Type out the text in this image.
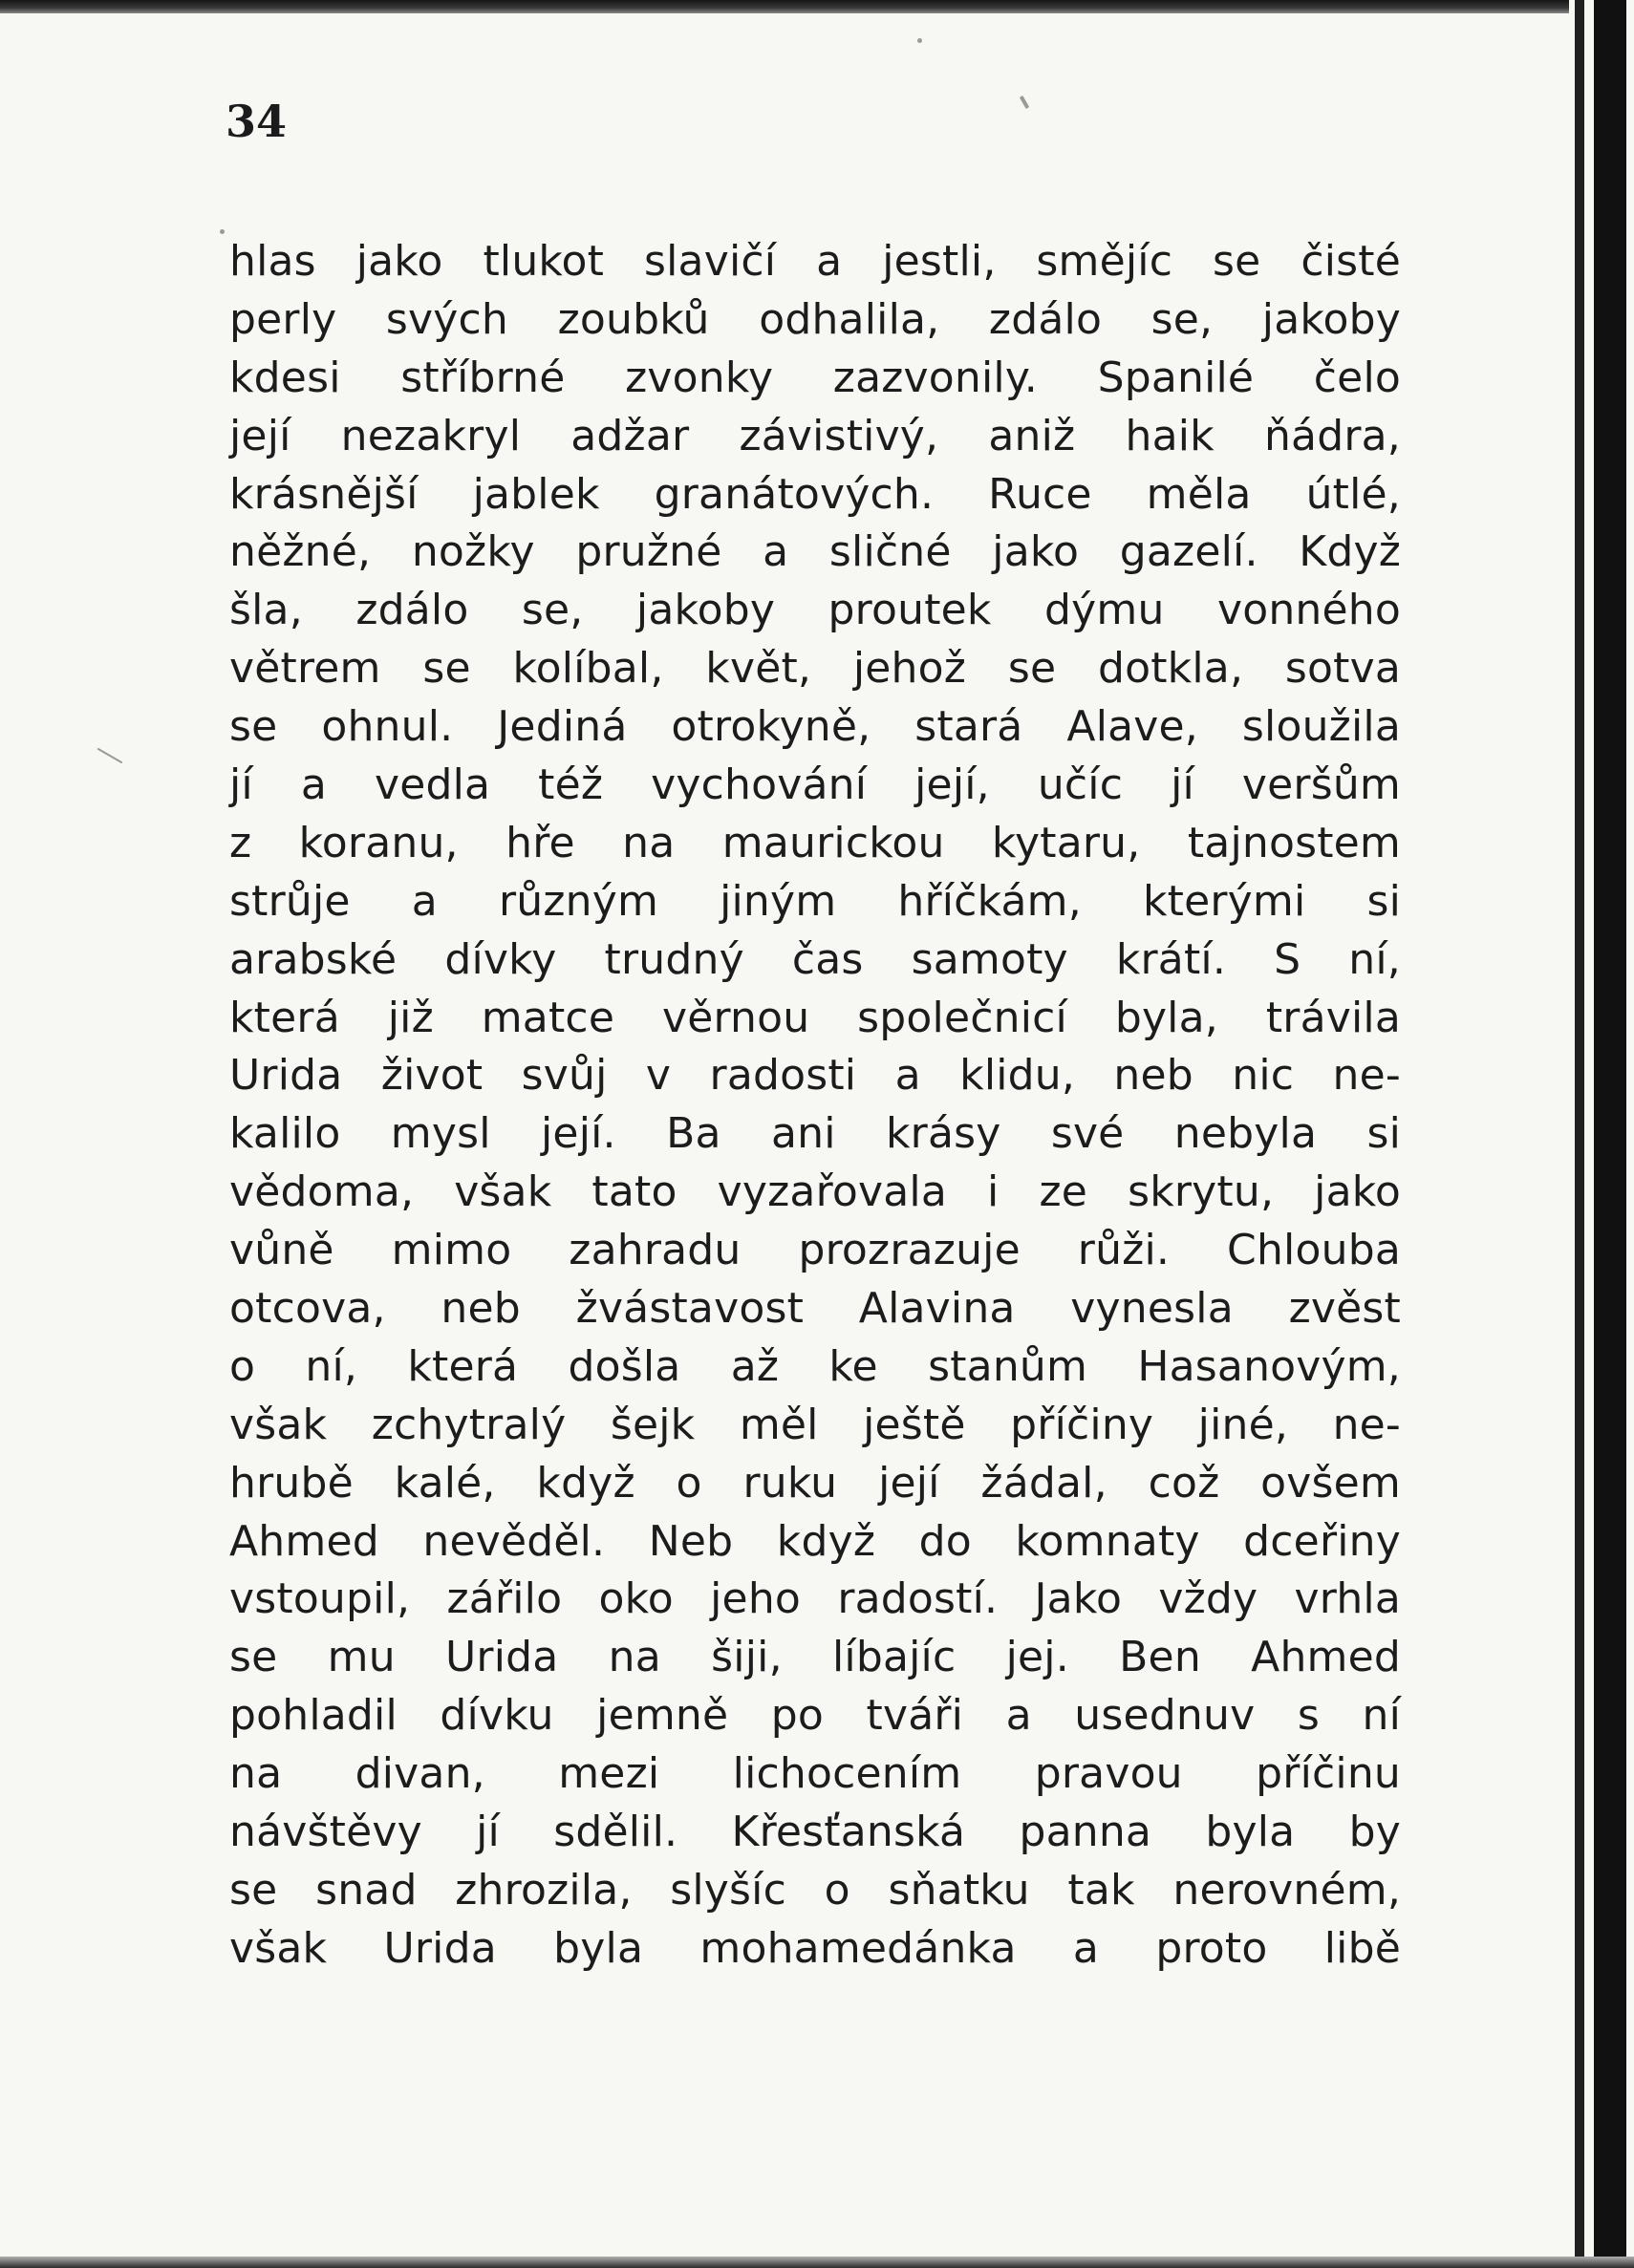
34
hlas jako tlukot slavičí a jestli, smějíc se čisté
perly svých zoubků odhalila, zdálo se, jakoby
kdesi stříbrné zvonky zazvonily. Spanilé čelo
její nezakryl adžar závistivý, aniž haik ňádra,
krásnější jablek granátových. Ruce měla útlé,
něžné, nožky pružné a sličné jako gazelí. Když
šla, zdálo se, jakoby proutek dýmu vonného
větrem se kolíbal, květ, jehož se dotkla, sotva
se ohnul. Jediná otrokyně, stará Alave, sloužila
jí a vedla též vychování její, učíc jí veršům
z koranu, hře na maurickou kytaru, tajnostem
strůje a různým jiným hříčkám, kterými si
arabské dívky trudný čas samoty krátí. S ní,
která již matce věrnou společnicí byla, trávila
Urida život svůj v radosti a klidu, neb nic ne-
kalilo mysl její. Ba ani krásy své nebyla si
vědoma, však tato vyzařovala i ze skrytu, jako
vůně mimo zahradu prozrazuje růži. Chlouba
otcova, neb žvástavost Alavina vynesla zvěst
o ní, která došla až ke stanům Hasanovým,
však zchytralý šejk měl ještě příčiny jiné, ne-
hrubě kalé, když o ruku její žádal, což ovšem
Ahmed nevěděl. Neb když do komnaty dceřiny
vstoupil, zářilo oko jeho radostí. Jako vždy vrhla
se mu Urida na šiji, líbajíc jej. Ben Ahmed
pohladil dívku jemně po tváři a usednuv s ní
na divan, mezi lichocením pravou příčinu
návštěvy jí sdělil. Křesťanská panna byla by
se snad zhrozila, slyšíc o sňatku tak nerovném,
však Urida byla mohamedánka a proto libě
